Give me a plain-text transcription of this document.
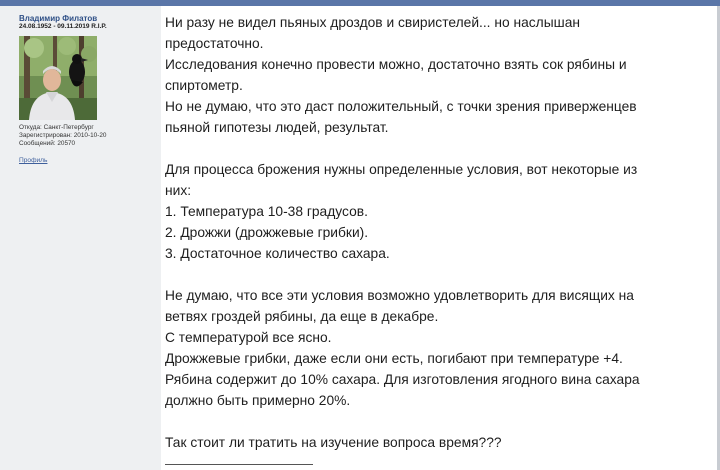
Владимир Филатов
24.08.1952 - 09.11.2019 R.I.P.
Откуда: Санкт-Петербург
Зарегистрирован: 2010-10-20
Сообщений: 20570
Профиль

Ни разу не видел пьяных дроздов и свиристелей... но наслышан

предостаточно.

Исследования конечно провести можно, достаточно взять сок рябины и

спиртометр.

Но не думаю, что это даст положительный, с точки зрения приверженцев

пьяной гипотезы людей, результат.

Для процесса брожения нужны определенные условия, вот некоторые из

них:

1. Температура 10-38 градусов.

2. Дрожжи (дрожжевые грибки).

3. Достаточное количество сахара.

Не думаю, что все эти условия возможно удовлетворить для висящих на

ветвях гроздей рябины, да еще в декабре.

С температурой все ясно.

Дрожжевые грибки, даже если они есть, погибают при температуре +4.

Рябина содержит до 10% сахара. Для изготовления ягодного вина сахара

должно быть примерно 20%.

Так стоит ли тратить на изучение вопроса время???
